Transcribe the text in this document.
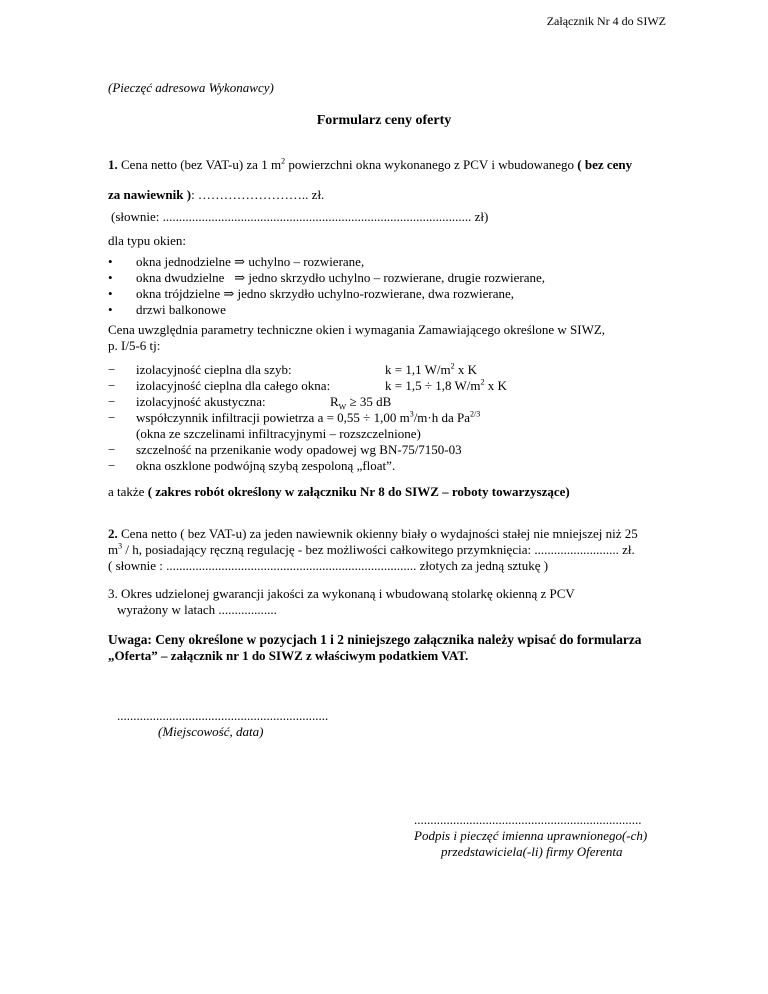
Załącznik Nr 4 do SIWZ
(Pieczęć adresowa Wykonawcy)
Formularz ceny oferty
1. Cena netto (bez VAT-u) za 1 $m^2$ powierzchni okna wykonanego z PCV i wbudowanego ( bez ceny
za nawiewnik ): …………………….. zł.
(słownie: ............................................................................................... zł)
dla typu okien:
• okna jednodzielne ⇒ uchylno – rozwierane,
• okna dwudzielne   ⇒ jedno skrzydło uchylno – rozwierane, drugie rozwierane,
• okna trójdzielne ⇒ jedno skrzydło uchylno-rozwierane, dwa rozwierane,
• drzwi balkonowe
Cena uwzględnia parametry techniczne okien i wymagania Zamawiającego określone w SIWZ,
p. I/5-6 tj:
− izolacyjność cieplna dla szyb:	k = 1,1 $W/m^2$ x K
− izolacyjność cieplna dla całego okna:	k = 1,5 ÷ 1,8 $W/m^2$ x K
− izolacyjność akustyczna:	$R_W \ge 35$ dB
− współczynnik infiltracji powietrza a = 0,55 ÷ 1,00 $m^3/m\cdot h$ da $Pa^{2/3}$
(okna ze szczelinami infiltracyjnymi – rozszczelnione)
− szczelność na przenikanie wody opadowej wg BN-75/7150-03
− okna oszklone podwójną szybą zespoloną „float”.
a także ( zakres robót określony w załączniku Nr 8 do SIWZ – roboty towarzyszące)
2. Cena netto ( bez VAT-u) za jeden nawiewnik okienny biały o wydajności stałej nie mniejszej niż 25
$m^3$ / h, posiadający ręczną regulację - bez możliwości całkowitego przymknięcia: .......................... zł.
( słownie : ............................................................................. złotych za jedną sztukę )
3. Okres udzielonej gwarancji jakości za wykonaną i wbudowaną stolarkę okienną z PCV
wyrażony w latach ..................
Uwaga: Ceny określone w pozycjach 1 i 2 niniejszego załącznika należy wpisać do formularza
„Oferta” – załącznik nr 1 do SIWZ z właściwym podatkiem VAT.
.................................................................
(Miejscowość, data)
......................................................................
Podpis i pieczęć imienna uprawnionego(-ch)
przedstawiciela(-li) firmy Oferenta
